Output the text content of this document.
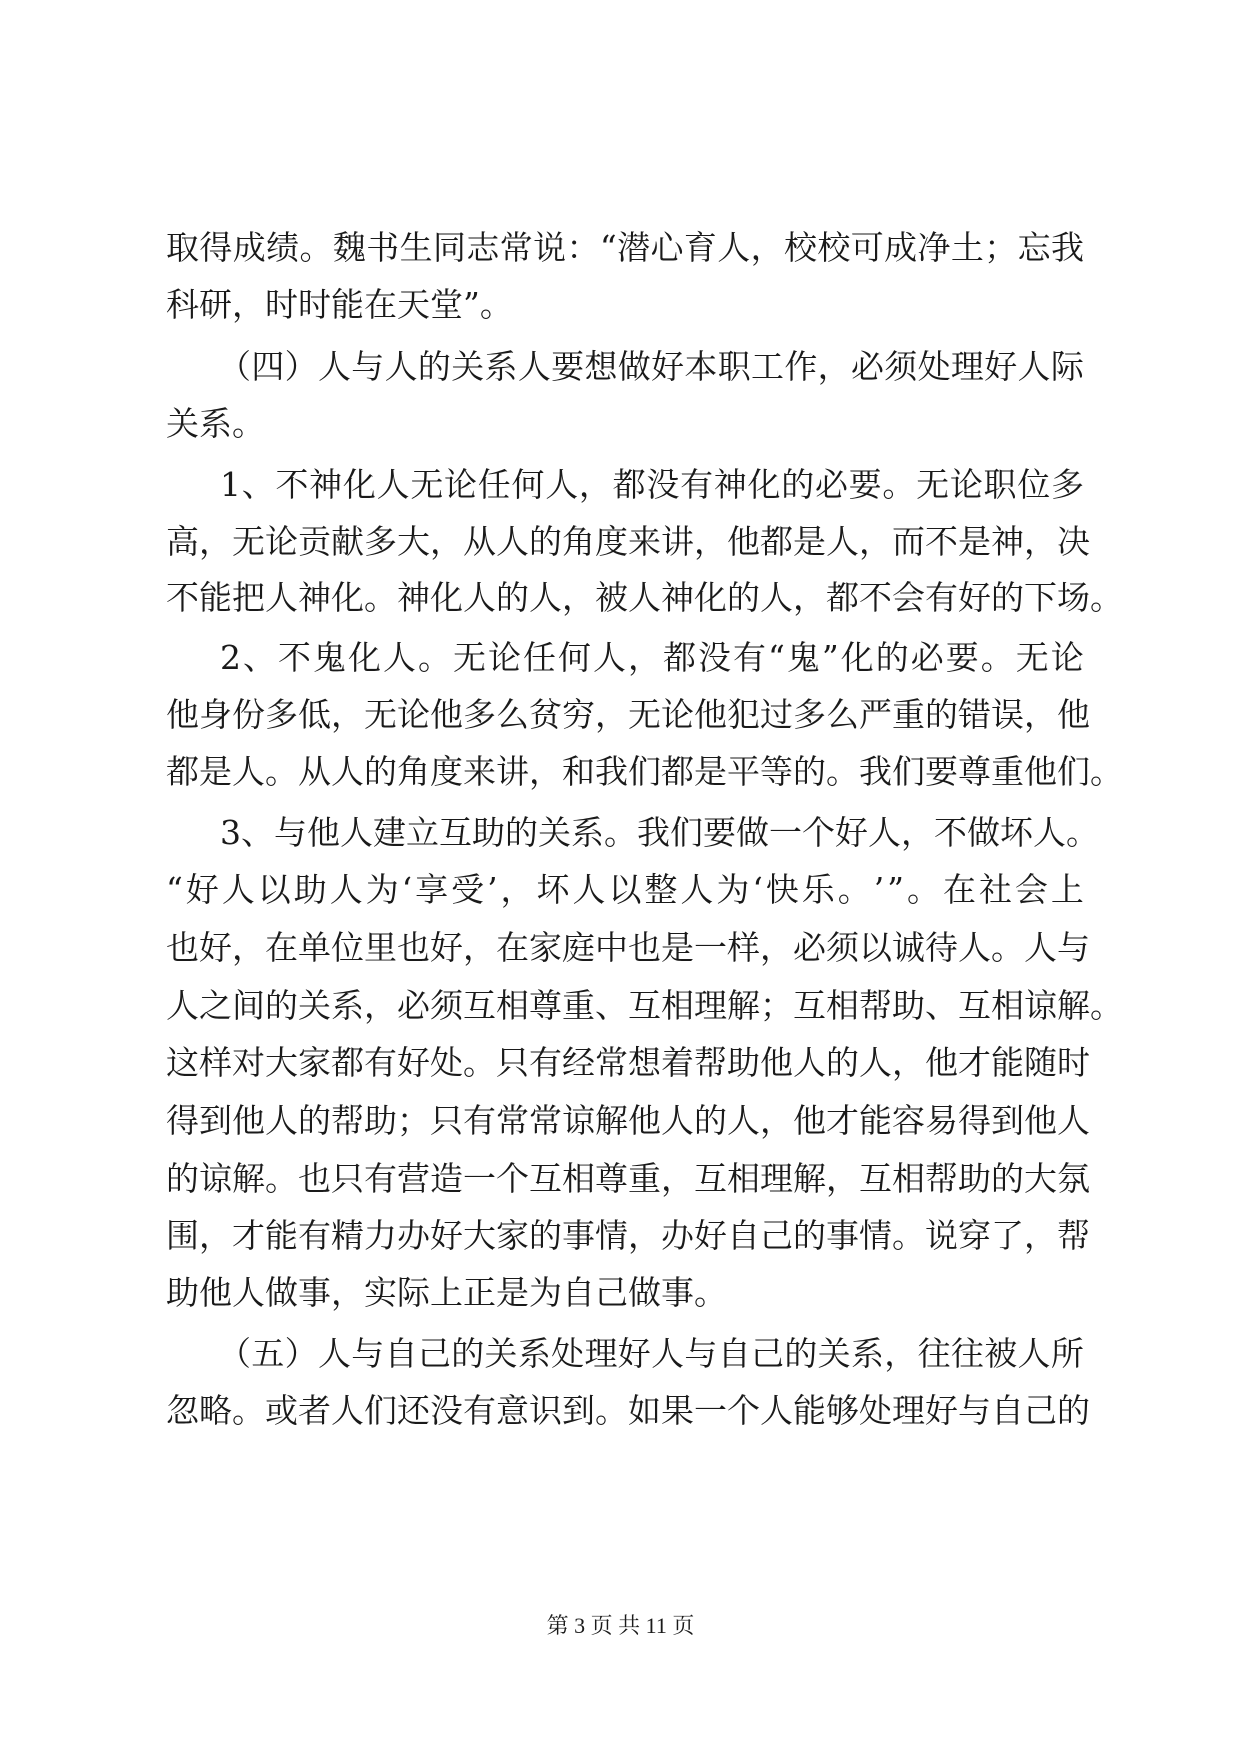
取 得 成 绩 。 魏 书 生 同 志 常 说 ： “ 潜 心 育 人 ， 校 校 可 成 净 土 ； 忘 我
科研，时时能在天堂”。
（ 四 ） 人 与 人 的 关 系 人 要 想 做 好 本 职 工 作 ， 必 须 处 理 好 人 际
关系。
1 、 不 神 化 人 无 论 任 何 人 ， 都 没 有 神 化 的 必 要 。 无 论 职 位 多
高 ， 无 论 贡 献 多 大 ， 从 人 的 角 度 来 讲 ， 他 都 是 人 ， 而 不 是 神 ， 决
不 能 把 人 神 化 。 神 化 人 的 人 ， 被 人 神 化 的 人 ， 都 不 会 有 好 的 下 场 。
2 、 不 鬼 化 人 。 无 论 任 何 人 ， 都 没 有 “ 鬼 ” 化 的 必 要 。 无 论
他 身 份 多 低 ， 无 论 他 多 么 贫 穷 ， 无 论 他 犯 过 多 么 严 重 的 错 误 ， 他
都 是 人 。 从 人 的 角 度 来 讲 ， 和 我 们 都 是 平 等 的 。 我 们 要 尊 重 他 们 。
3 、 与 他 人 建 立 互 助 的 关 系 。 我 们 要 做 一 个 好 人 ， 不 做 坏 人 。
“ 好 人 以 助 人 为 ‘ 享 受 ’ ， 坏 人 以 整 人 为 ‘ 快 乐 。 ’ ” 。 在 社 会 上
也 好 ， 在 单 位 里 也 好 ， 在 家 庭 中 也 是 一 样 ， 必 须 以 诚 待 人 。 人 与
人 之 间 的 关 系 ， 必 须 互 相 尊 重 、 互 相 理 解 ； 互 相 帮 助 、 互 相 谅 解 。
这 样 对 大 家 都 有 好 处 。 只 有 经 常 想 着 帮 助 他 人 的 人 ， 他 才 能 随 时
得 到 他 人 的 帮 助 ； 只 有 常 常 谅 解 他 人 的 人 ， 他 才 能 容 易 得 到 他 人
的 谅 解 。 也 只 有 营 造 一 个 互 相 尊 重 ， 互 相 理 解 ， 互 相 帮 助 的 大 氛
围 ， 才 能 有 精 力 办 好 大 家 的 事 情 ， 办 好 自 己 的 事 情 。 说 穿 了 ， 帮
助他人做事，实际上正是为自己做事。
（ 五 ） 人 与 自 己 的 关 系 处 理 好 人 与 自 己 的 关 系 ， 往 往 被 人 所
忽 略 。 或 者 人 们 还 没 有 意 识 到 。 如 果 一 个 人 能 够 处 理 好 与 自 己 的
第 3 页 共 11 页
